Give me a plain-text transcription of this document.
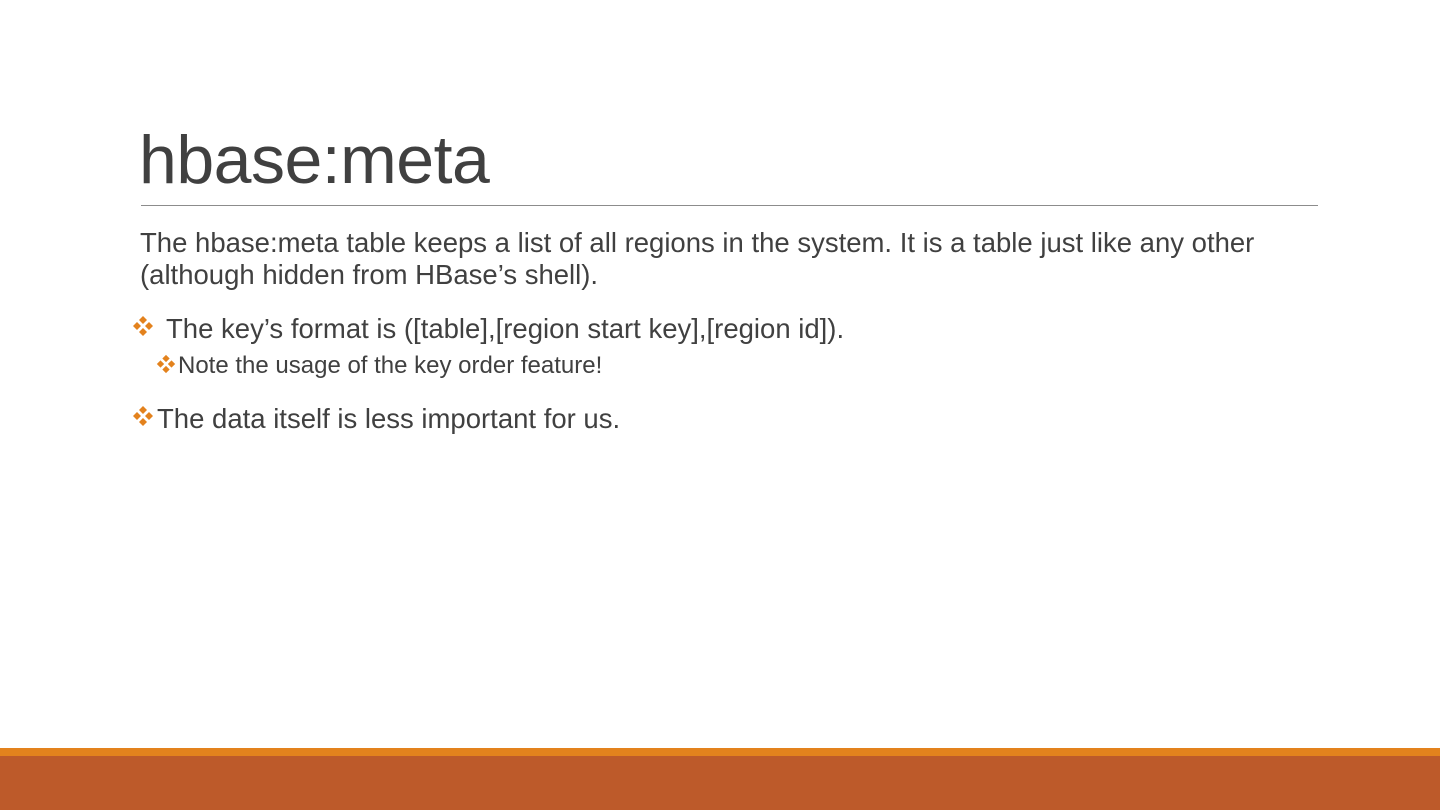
hbase:meta
The hbase:meta table keeps a list of all regions in the system. It is a table just like any other (although hidden from HBase’s shell).
The key’s format is ([table],[region start key],[region id]).
Note the usage of the key order feature!
The data itself is less important for us.
